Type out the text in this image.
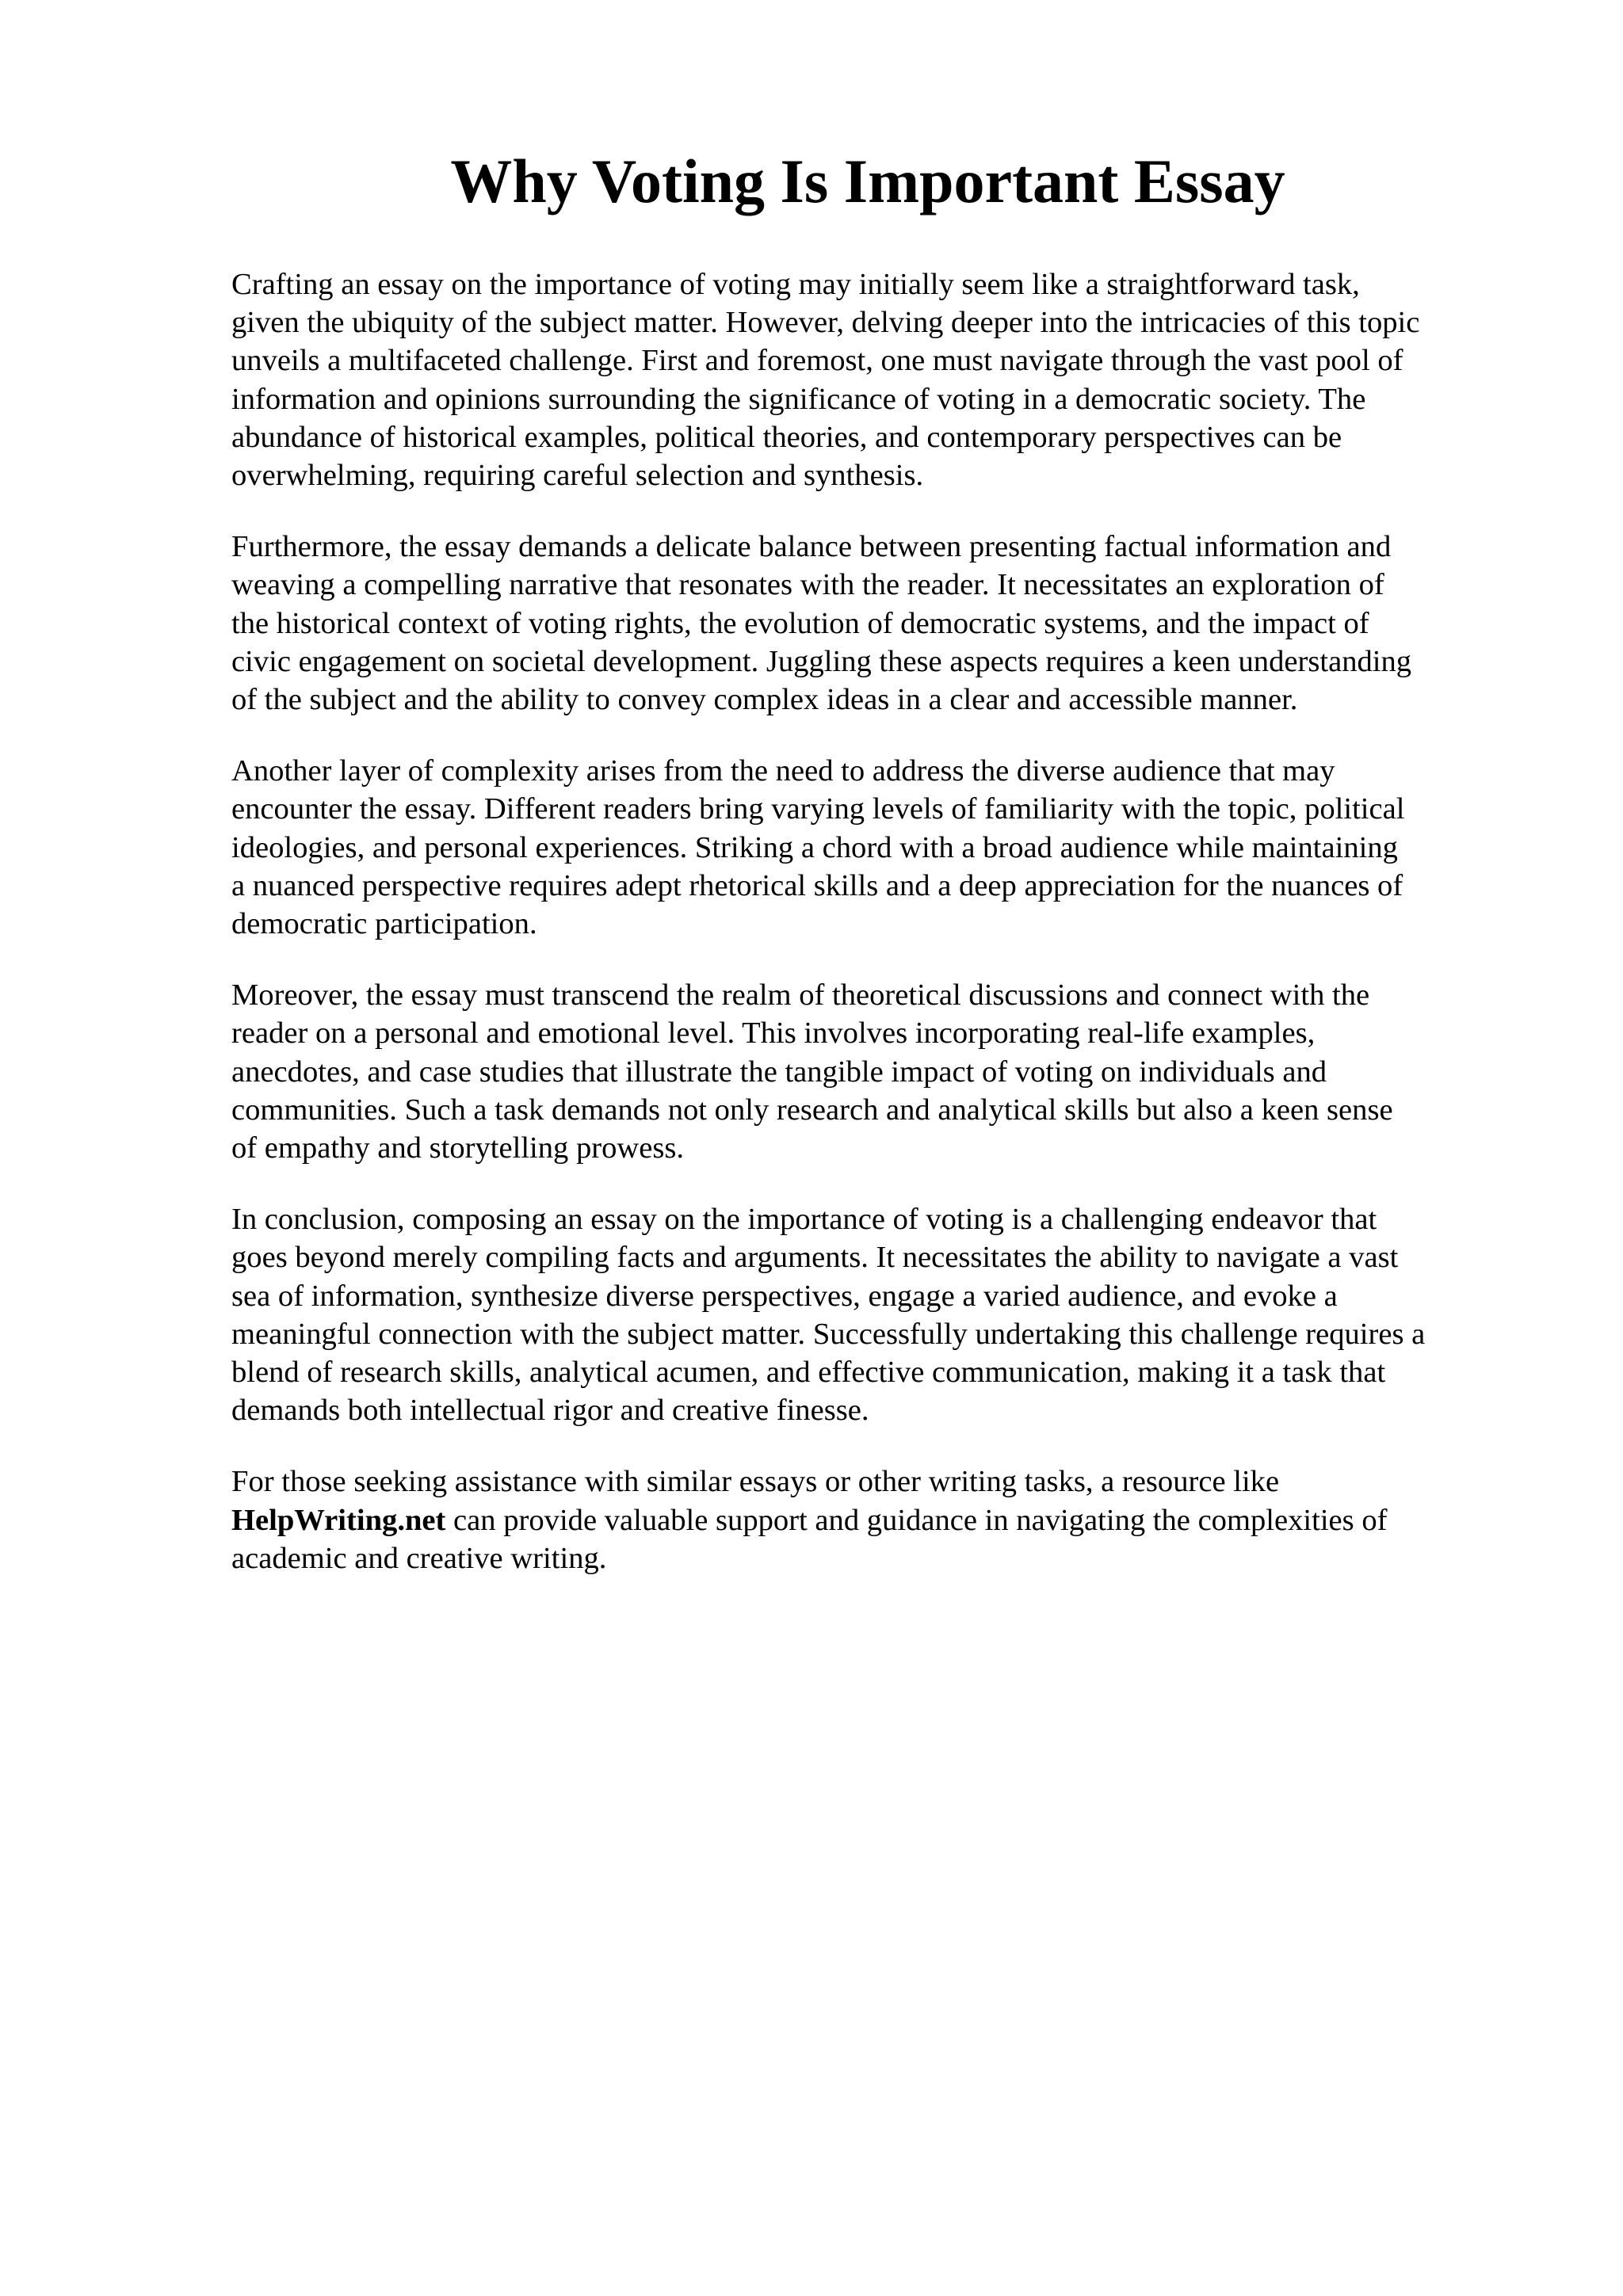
Why Voting Is Important Essay

Crafting an essay on the importance of voting may initially seem like a straightforward task,
given the ubiquity of the subject matter. However, delving deeper into the intricacies of this topic
unveils a multifaceted challenge. First and foremost, one must navigate through the vast pool of
information and opinions surrounding the significance of voting in a democratic society. The
abundance of historical examples, political theories, and contemporary perspectives can be
overwhelming, requiring careful selection and synthesis.

Furthermore, the essay demands a delicate balance between presenting factual information and
weaving a compelling narrative that resonates with the reader. It necessitates an exploration of
the historical context of voting rights, the evolution of democratic systems, and the impact of
civic engagement on societal development. Juggling these aspects requires a keen understanding
of the subject and the ability to convey complex ideas in a clear and accessible manner.

Another layer of complexity arises from the need to address the diverse audience that may
encounter the essay. Different readers bring varying levels of familiarity with the topic, political
ideologies, and personal experiences. Striking a chord with a broad audience while maintaining
a nuanced perspective requires adept rhetorical skills and a deep appreciation for the nuances of
democratic participation.

Moreover, the essay must transcend the realm of theoretical discussions and connect with the
reader on a personal and emotional level. This involves incorporating real-life examples,
anecdotes, and case studies that illustrate the tangible impact of voting on individuals and
communities. Such a task demands not only research and analytical skills but also a keen sense
of empathy and storytelling prowess.

In conclusion, composing an essay on the importance of voting is a challenging endeavor that
goes beyond merely compiling facts and arguments. It necessitates the ability to navigate a vast
sea of information, synthesize diverse perspectives, engage a varied audience, and evoke a
meaningful connection with the subject matter. Successfully undertaking this challenge requires a
blend of research skills, analytical acumen, and effective communication, making it a task that
demands both intellectual rigor and creative finesse.

For those seeking assistance with similar essays or other writing tasks, a resource like
HelpWriting.net can provide valuable support and guidance in navigating the complexities of
academic and creative writing.
